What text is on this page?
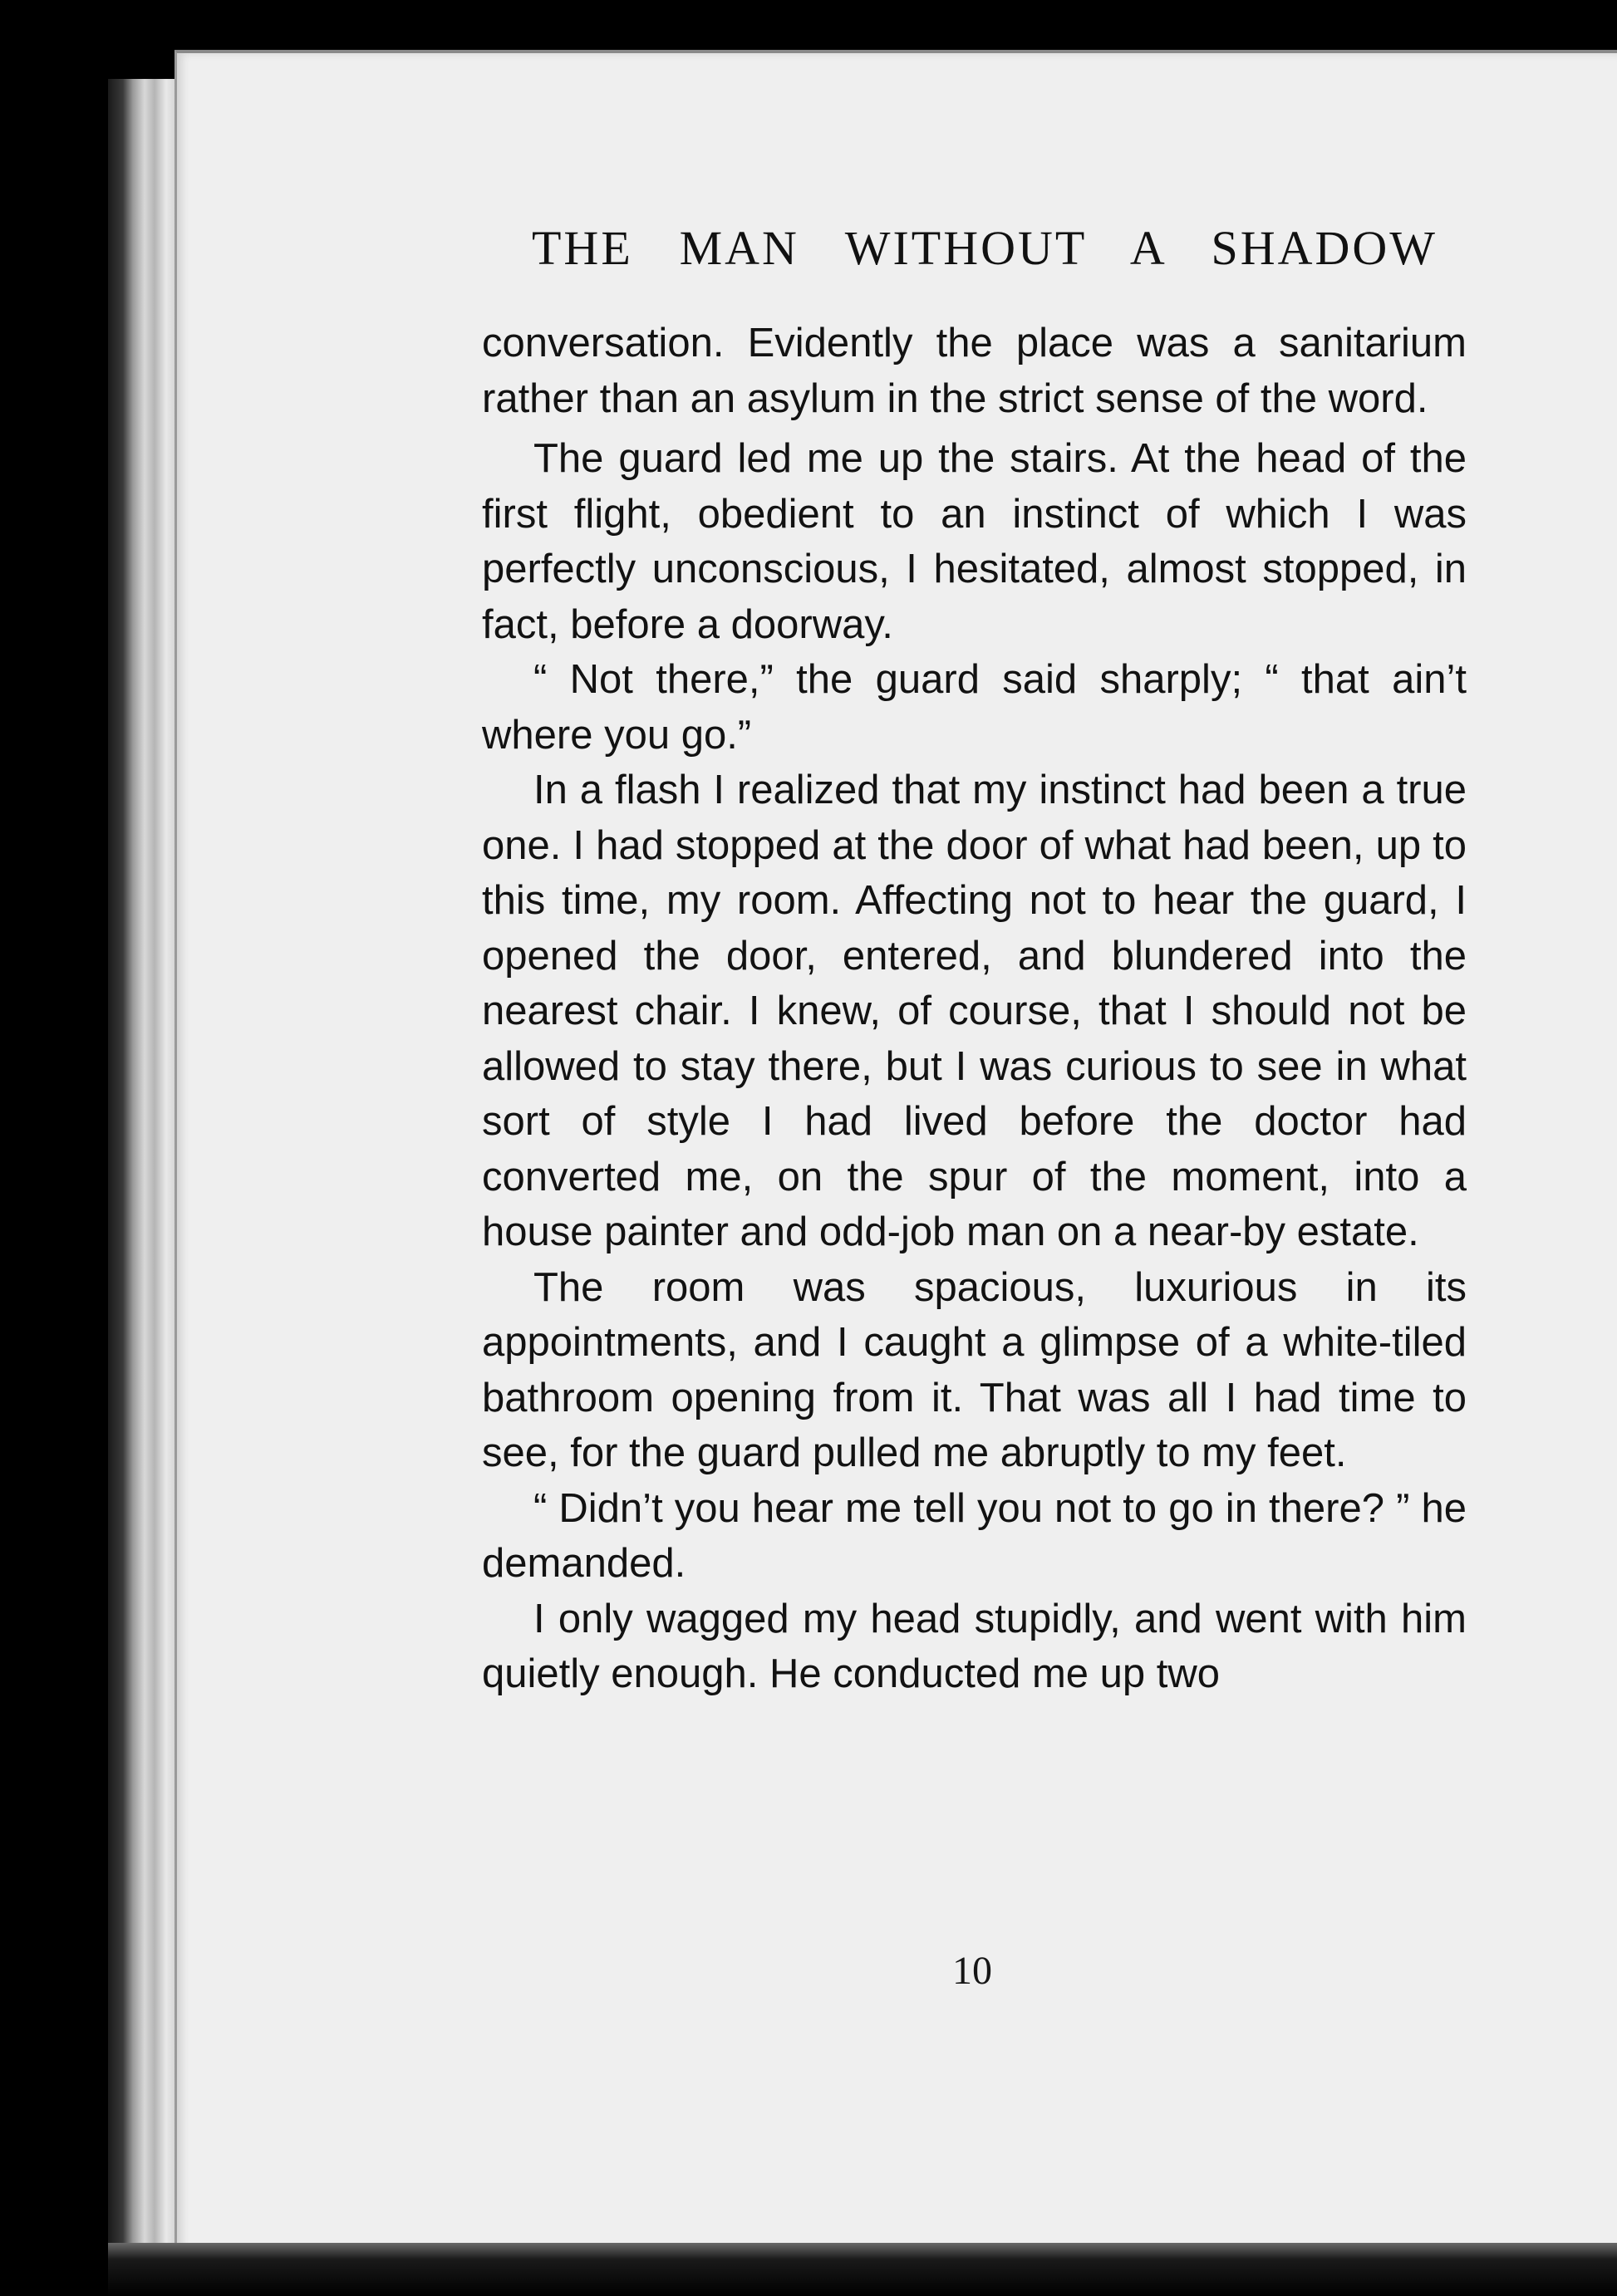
THE MAN WITHOUT A SHADOW

conversation. Evidently the place was a sanitarium rather than an asylum in the strict sense of the word.

The guard led me up the stairs. At the head of the first flight, obedient to an instinct of which I was perfectly unconscious, I hesitated, almost stopped, in fact, before a doorway.

“ Not there,” the guard said sharply; “ that ain’t where you go.”

In a flash I realized that my instinct had been a true one. I had stopped at the door of what had been, up to this time, my room. Affecting not to hear the guard, I opened the door, entered, and blundered into the nearest chair. I knew, of course, that I should not be allowed to stay there, but I was curious to see in what sort of style I had lived before the doctor had converted me, on the spur of the moment, into a house painter and odd-job man on a near-by estate.

The room was spacious, luxurious in its appointments, and I caught a glimpse of a white-tiled bathroom opening from it. That was all I had time to see, for the guard pulled me abruptly to my feet.

“ Didn’t you hear me tell you not to go in there? ” he demanded.

I only wagged my head stupidly, and went with him quietly enough. He conducted me up two

10
